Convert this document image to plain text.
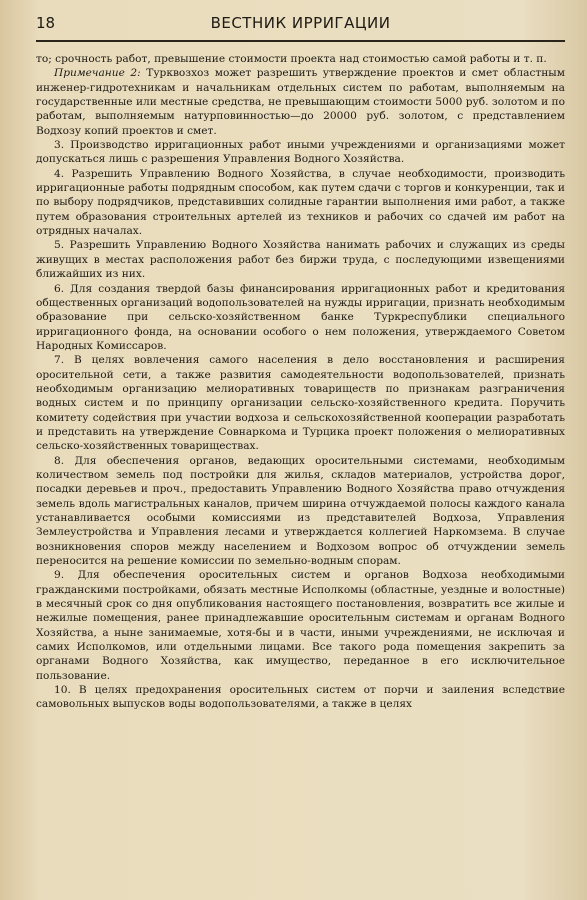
18	ВЕСТНИК ИРРИГАЦИИ

то; срочность работ, превышение стоимости проекта над стоимостью самой работы и т. п.

Примечание 2: Турквозхоз может разрешить утверждение проектов и смет областным инженер-гидротехникам и начальникам отдельных систем по работам, выполняемым на государственные или местные средства, не превышающим стоимости 5000 руб. золотом и по работам, выполняемым натурповинностью—до 20000 руб. золотом, с представлением Водхозу копий проектов и смет.

3. Производство ирригационных работ иными учреждениями и организациями может допускаться лишь с разрешения Управления Водного Хозяйства.

4. Разрешить Управлению Водного Хозяйства, в случае необходимости, производить ирригационные работы подрядным способом, как путем сдачи с торгов и конкуренции, так и по выбору подрядчиков, представивших солидные гарантии выполнения ими работ, а также путем образования строительных артелей из техников и рабочих со сдачей им работ на отрядных началах.

5. Разрешить Управлению Водного Хозяйства нанимать рабочих и служащих из среды живущих в местах расположения работ без биржи труда, с последующими извещениями ближайших из них.

6. Для создания твердой базы финансирования ирригационных работ и кредитования общественных организаций водопользователей на нужды ирригации, признать необходимым образование при сельско-хозяйственном банке Туркреспублики специального ирригационного фонда, на основании особого о нем положения, утверждаемого Советом Народных Комиссаров.

7. В целях вовлечения самого населения в дело восстановления и расширения оросительной сети, а также развития самодеятельности водопользователей, признать необходимым организацию мелиоративных товариществ по признакам разграничения водных систем и по принципу организации сельско-хозяйственного кредита. Поручить комитету содействия при участии водхоза и сельскохозяйственной кооперации разработать и представить на утверждение Совнаркома и Турцика проект положения о мелиоративных сельско-хозяйственных товариществах.

8. Для обеспечения органов, ведающих оросительными системами, необходимым количеством земель под постройки для жилья, складов материалов, устройства дорог, посадки деревьев и проч., предоставить Управлению Водного Хозяйства право отчуждения земель вдоль магистральных каналов, причем ширина отчуждаемой полосы каждого канала устанавливается особыми комиссиями из представителей Водхоза, Управления Землеустройства и Управления лесами и утверждается коллегией Наркомзема. В случае возникновения споров между населением и Водхозом вопрос об отчуждении земель переносится на решение комиссии по земельно-водным спорам.

9. Для обеспечения оросительных систем и органов Водхоза необходимыми гражданскими постройками, обязать местные Исполкомы (областные, уездные и волостные) в месячный срок со дня опубликования настоящего постановления, возвратить все жилые и нежилые помещения, ранее принадлежавшие оросительным системам и органам Водного Хозяйства, а ныне занимаемые, хотя-бы и в части, иными учреждениями, не исключая и самих Исполкомов, или отдельными лицами. Все такого рода помещения закрепить за органами Водного Хозяйства, как имущество, переданное в его исключительное пользование.

10. В целях предохранения оросительных систем от порчи и заиления вследствие самовольных выпусков воды водопользователями, а также в целях
